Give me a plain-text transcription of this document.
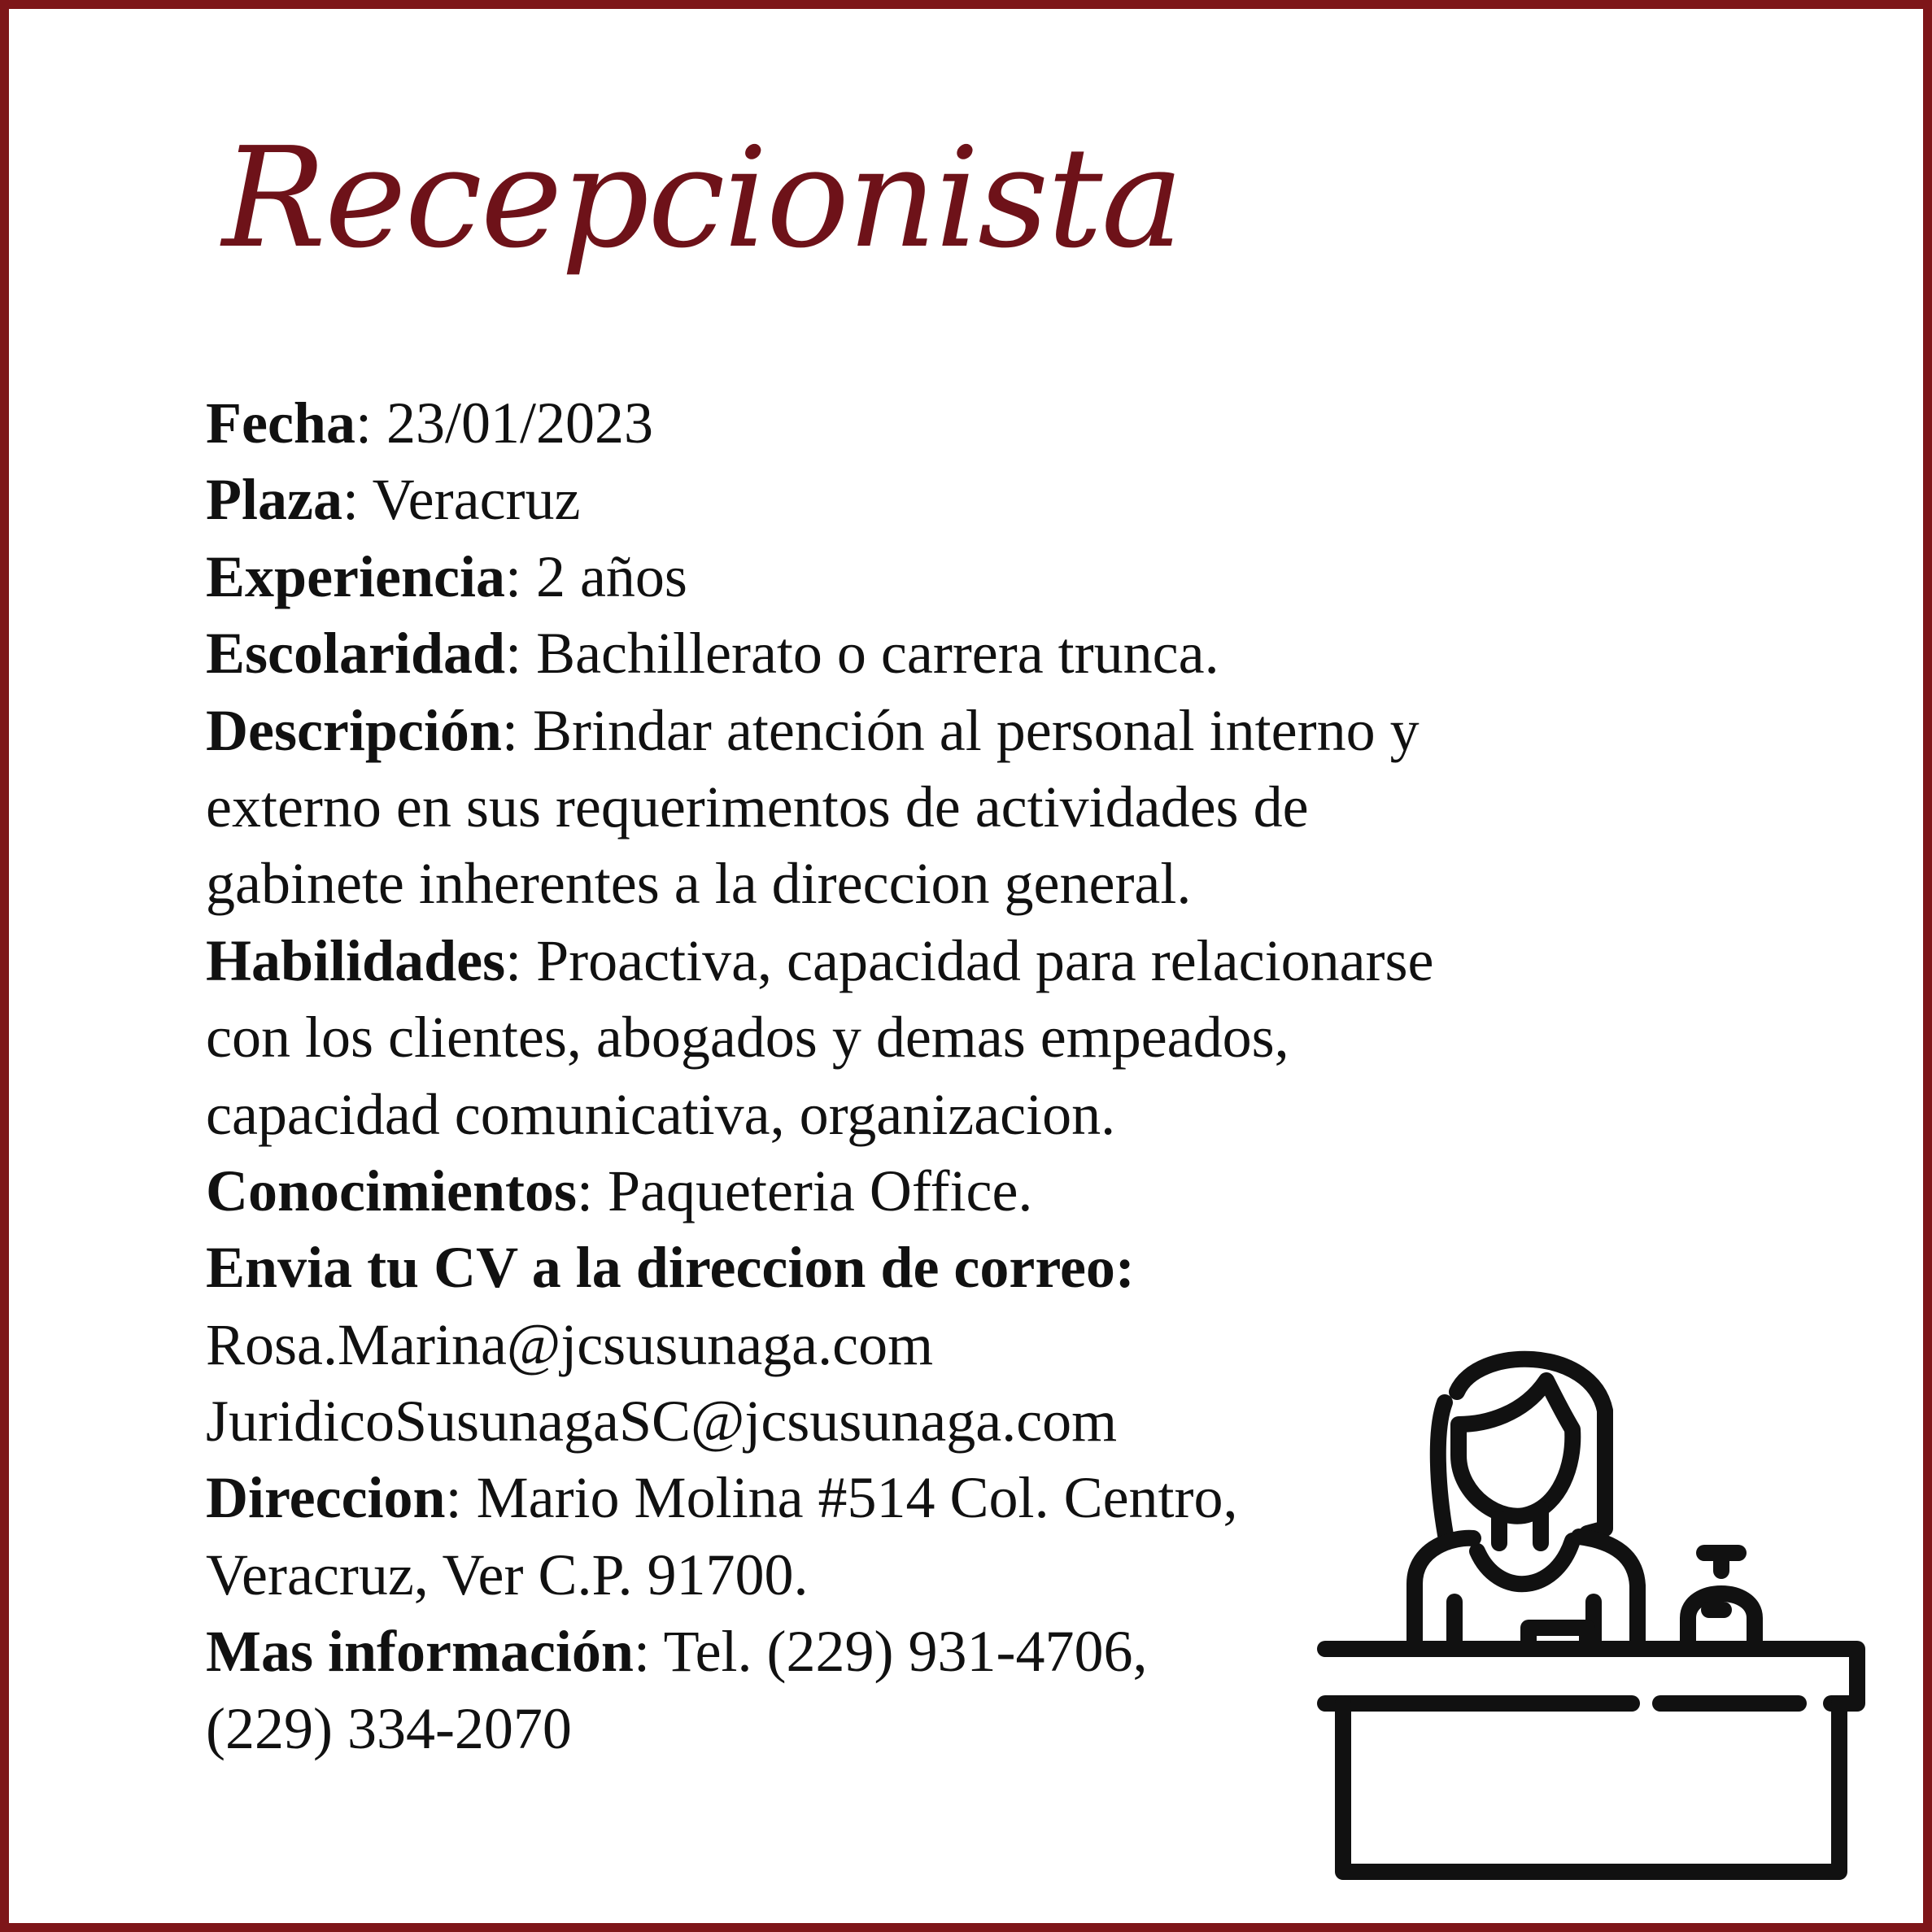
Recepcionista
Fecha: 23/01/2023
Plaza: Veracruz
Experiencia: 2 años
Escolaridad: Bachillerato o carrera trunca.
Descripción: Brindar atención al personal interno y
externo en sus requerimentos de actividades de
gabinete inherentes a la direccion general.
Habilidades: Proactiva, capacidad para relacionarse
con los clientes, abogados y demas empeados,
capacidad comunicativa, organizacion.
Conocimientos: Paqueteria Office.
Envia tu CV a la direccion de correo:
Rosa.Marina@jcsusunaga.com
JuridicoSusunagaSC@jcsusunaga.com
Direccion: Mario Molina #514 Col. Centro,
Veracruz, Ver C.P. 91700.
Mas información: Tel. (229) 931-4706,
(229) 334-2070
